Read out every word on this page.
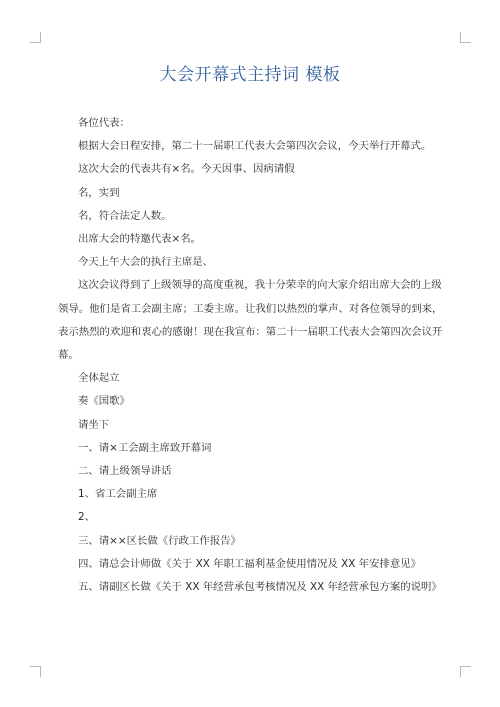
大会开幕式主持词 模板

各位代表：

根据大会日程安排，第二十一届职工代表大会第四次会议，今天举行开幕式。

这次大会的代表共有×名。今天因事、因病请假

名，实到

名，符合法定人数。

出席大会的特邀代表×名。

今天上午大会的执行主席是、

这次会议得到了上级领导的高度重视，我十分荣幸的向大家介绍出席大会的上级
领导。他们是省工会副主席；工委主席。让我们以热烈的掌声、对各位领导的到来，
表示热烈的欢迎和衷心的感谢！现在我宣布：第二十一届职工代表大会第四次会议开
幕。

全体起立

奏《国歌》

请坐下

一、请×工会副主席致开幕词

二、请上级领导讲话

1、省工会副主席

2、

三、请××区长做《行政工作报告》

四、请总会计师做《关于 XX 年职工福利基金使用情况及 XX 年安排意见》

五、请副区长做《关于 XX 年经营承包考核情况及 XX 年经营承包方案的说明》
